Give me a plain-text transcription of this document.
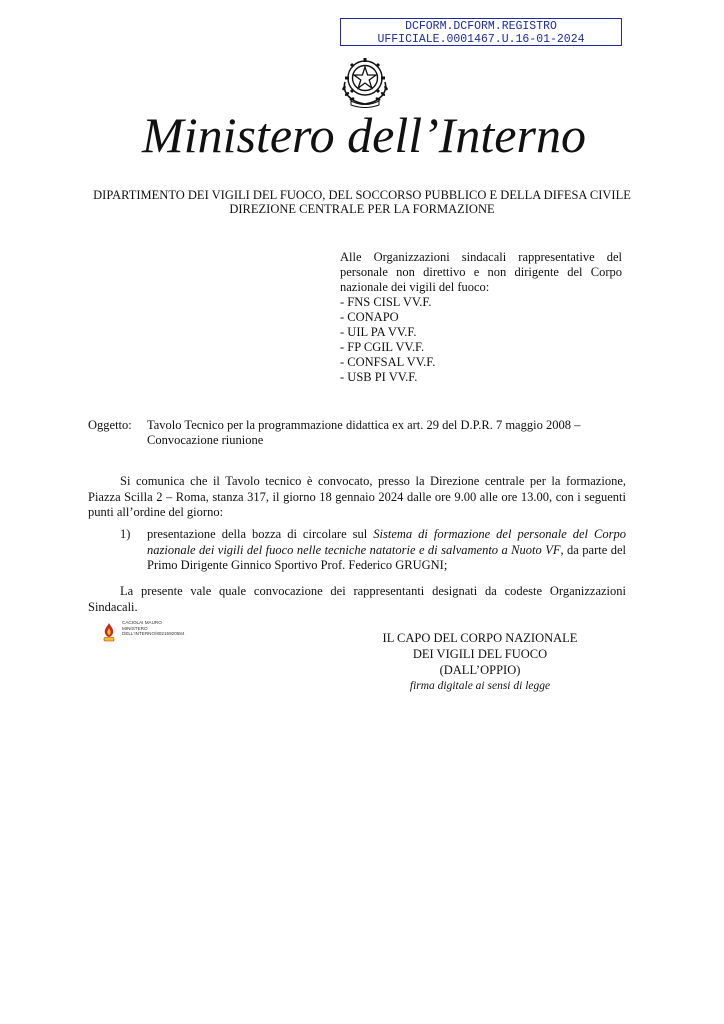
DCFORM.DCFORM.REGISTRO
UFFICIALE.0001467.U.16-01-2024
Ministero dell’Interno
DIPARTIMENTO DEI VIGILI DEL FUOCO, DEL SOCCORSO PUBBLICO E DELLA DIFESA CIVILE
DIREZIONE CENTRALE PER LA FORMAZIONE
Alle Organizzazioni sindacali rappresentative del personale non direttivo e non dirigente del Corpo nazionale dei vigili del fuoco:
- FNS CISL VV.F.
- CONAPO
- UIL PA VV.F.
- FP CGIL VV.F.
- CONFSAL VV.F.
- USB PI VV.F.
Oggetto: Tavolo Tecnico per la programmazione didattica ex art. 29 del D.P.R. 7 maggio 2008 –
Convocazione riunione
Si comunica che il Tavolo tecnico è convocato, presso la Direzione centrale per la formazione, Piazza Scilla 2 – Roma, stanza 317, il giorno 18 gennaio 2024 dalle ore 9.00 alle ore 13.00, con i seguenti punti all’ordine del giorno:
1) presentazione della bozza di circolare sul Sistema di formazione del personale del Corpo nazionale dei vigili del fuoco nelle tecniche natatorie e di salvamento a Nuoto VF, da parte del Primo Dirigente Ginnico Sportivo Prof. Federico GRUGNI;
La presente vale quale convocazione dei rappresentanti designati da codeste Organizzazioni Sindacali.
CACIOLAI MAURO
MINISTERO
DELL'INTERNO/80215920584	IL CAPO DEL CORPO NAZIONALE
DEI VIGILI DEL FUOCO
(DALL’OPPIO)
firma digitale ai sensi di legge
